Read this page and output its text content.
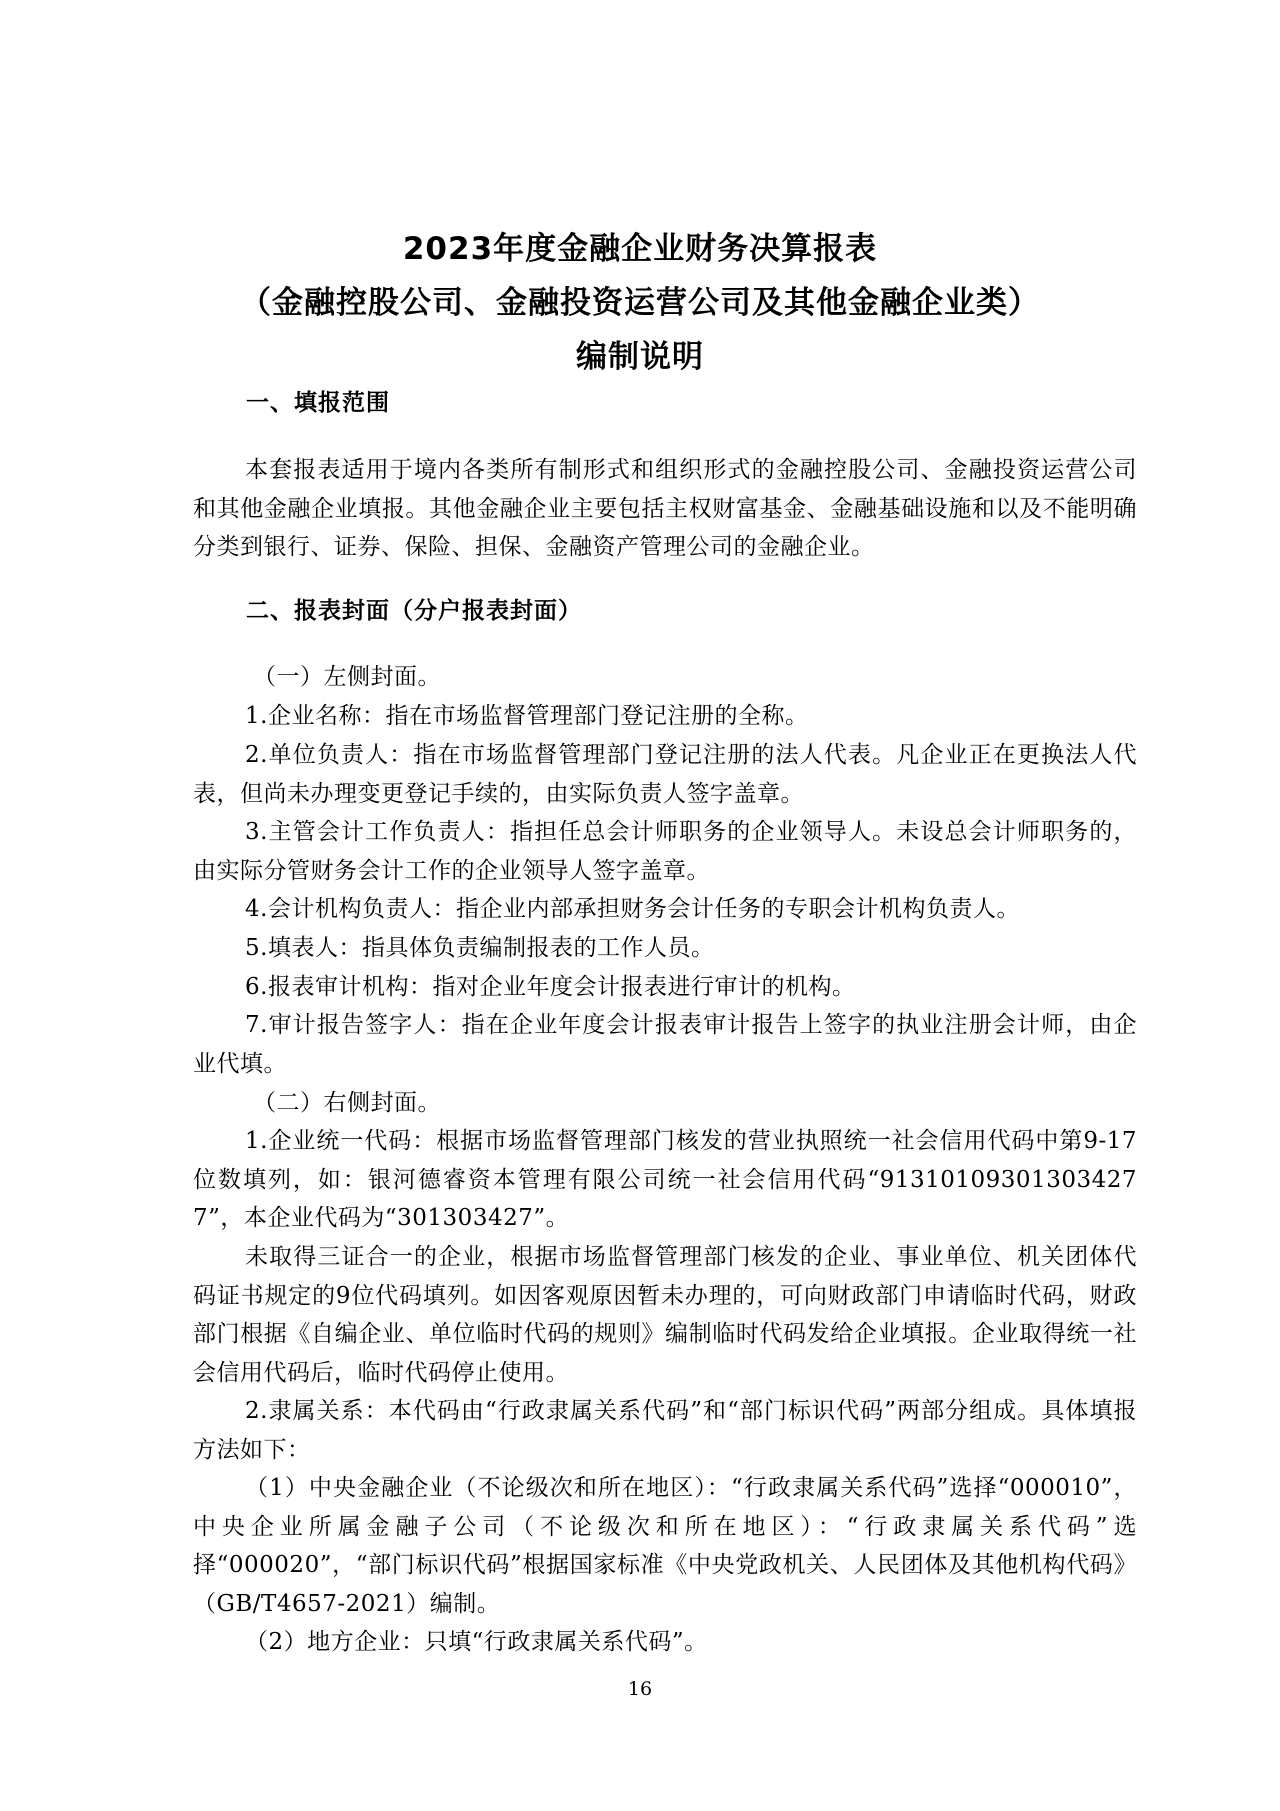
2023年度金融企业财务决算报表
（金融控股公司、金融投资运营公司及其他金融企业类）
编制说明
一、填报范围

本套报表适用于境内各类所有制形式和组织形式的金融控股公司、金融投资运营公司和其他金融企业填报。其他金融企业主要包括主权财富基金、金融基础设施和以及不能明确分类到银行、证券、保险、担保、金融资产管理公司的金融企业。

二、报表封面（分户报表封面）

（一）左侧封面。

1.企业名称：指在市场监督管理部门登记注册的全称。

2.单位负责人：指在市场监督管理部门登记注册的法人代表。凡企业正在更换法人代表，但尚未办理变更登记手续的，由实际负责人签字盖章。

3.主管会计工作负责人：指担任总会计师职务的企业领导人。未设总会计师职务的，由实际分管财务会计工作的企业领导人签字盖章。

4.会计机构负责人：指企业内部承担财务会计任务的专职会计机构负责人。

5.填表人：指具体负责编制报表的工作人员。

6.报表审计机构：指对企业年度会计报表进行审计的机构。

7.审计报告签字人：指在企业年度会计报表审计报告上签字的执业注册会计师，由企业代填。

（二）右侧封面。

1.企业统一代码：根据市场监督管理部门核发的营业执照统一社会信用代码中第9-17位数填列，如：银河德睿资本管理有限公司统一社会信用代码“91310109301303427 7”，本企业代码为“301303427”。

未取得三证合一的企业，根据市场监督管理部门核发的企业、事业单位、机关团体代码证书规定的9位代码填列。如因客观原因暂未办理的，可向财政部门申请临时代码，财政部门根据《自编企业、单位临时代码的规则》编制临时代码发给企业填报。企业取得统一社会信用代码后，临时代码停止使用。

2.隶属关系：本代码由“行政隶属关系代码”和“部门标识代码”两部分组成。具体填报方法如下：

（1）中央金融企业（不论级次和所在地区）：“行政隶属关系代码”选择“000010”，中央企业所属金融子公司（不论级次和所在地区）：“行政隶属关系代码”选择“000020”，“部门标识代码”根据国家标准《中央党政机关、人民团体及其他机构代码》（GB/T4657-2021）编制。

（2）地方企业：只填“行政隶属关系代码”。

16
